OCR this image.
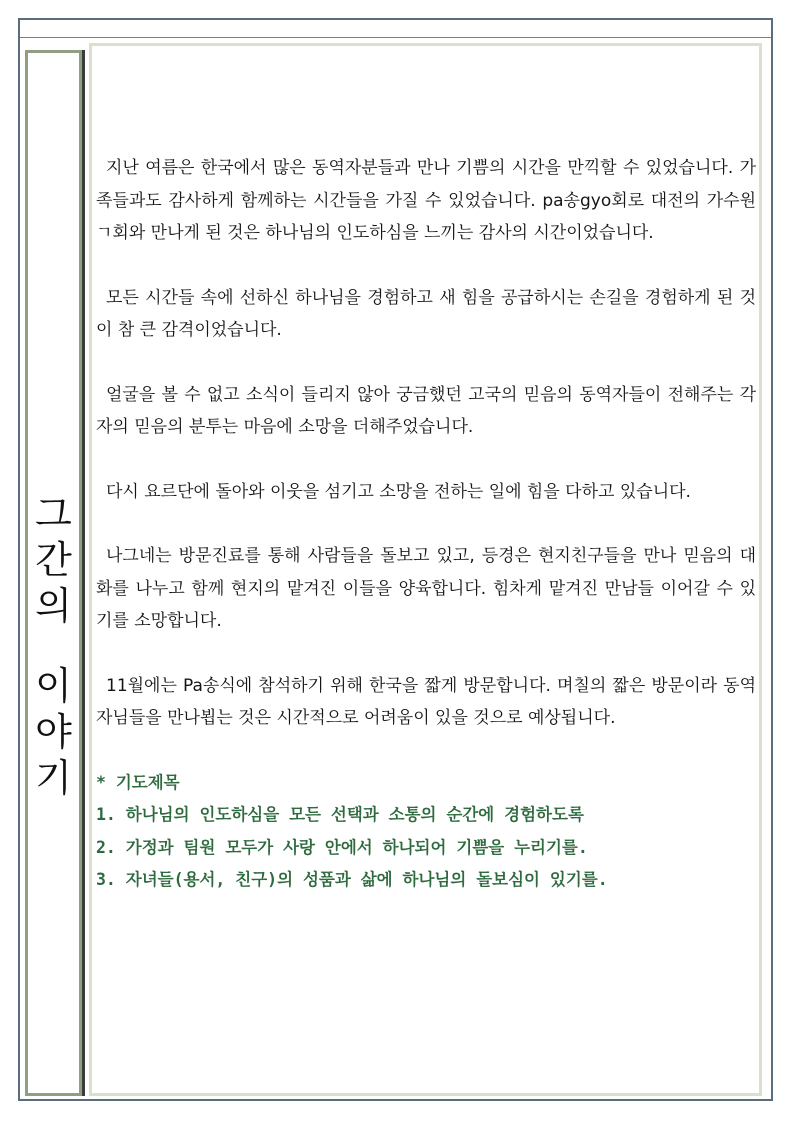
그
간
의
이
야
기

지난 여름은 한국에서 많은 동역자분들과 만나 기쁨의 시간을 만끽할 수 있었습니다. 가족들과도 감사하게 함께하는 시간들을 가질 수 있었습니다. pa송gyo회로 대전의 가수원ㄱ회와 만나게 된 것은 하나님의 인도하심을 느끼는 감사의 시간이었습니다.

모든 시간들 속에 선하신 하나님을 경험하고 새 힘을 공급하시는 손길을 경험하게 된 것이 참 큰 감격이었습니다.

얼굴을 볼 수 없고 소식이 들리지 않아 궁금했던 고국의 믿음의 동역자들이 전해주는 각자의 믿음의 분투는 마음에 소망을 더해주었습니다.

다시 요르단에 돌아와 이웃을 섬기고 소망을 전하는 일에 힘을 다하고 있습니다.

나그네는 방문진료를 통해 사람들을 돌보고 있고, 등경은 현지친구들을 만나 믿음의 대화를 나누고 함께 현지의 맡겨진 이들을 양육합니다. 힘차게 맡겨진 만남들 이어갈 수 있기를 소망합니다.

11월에는 Pa송식에 참석하기 위해 한국을 짧게 방문합니다. 며칠의 짧은 방문이라 동역자님들을 만나뵙는 것은 시간적으로 어려움이 있을 것으로 예상됩니다.

* 기도제목
1. 하나님의 인도하심을 모든 선택과 소통의 순간에 경험하도록
2. 가정과 팀원 모두가 사랑 안에서 하나되어 기쁨을 누리기를.
3. 자녀들(용서, 친구)의 성품과 삶에 하나님의 돌보심이 있기를.
